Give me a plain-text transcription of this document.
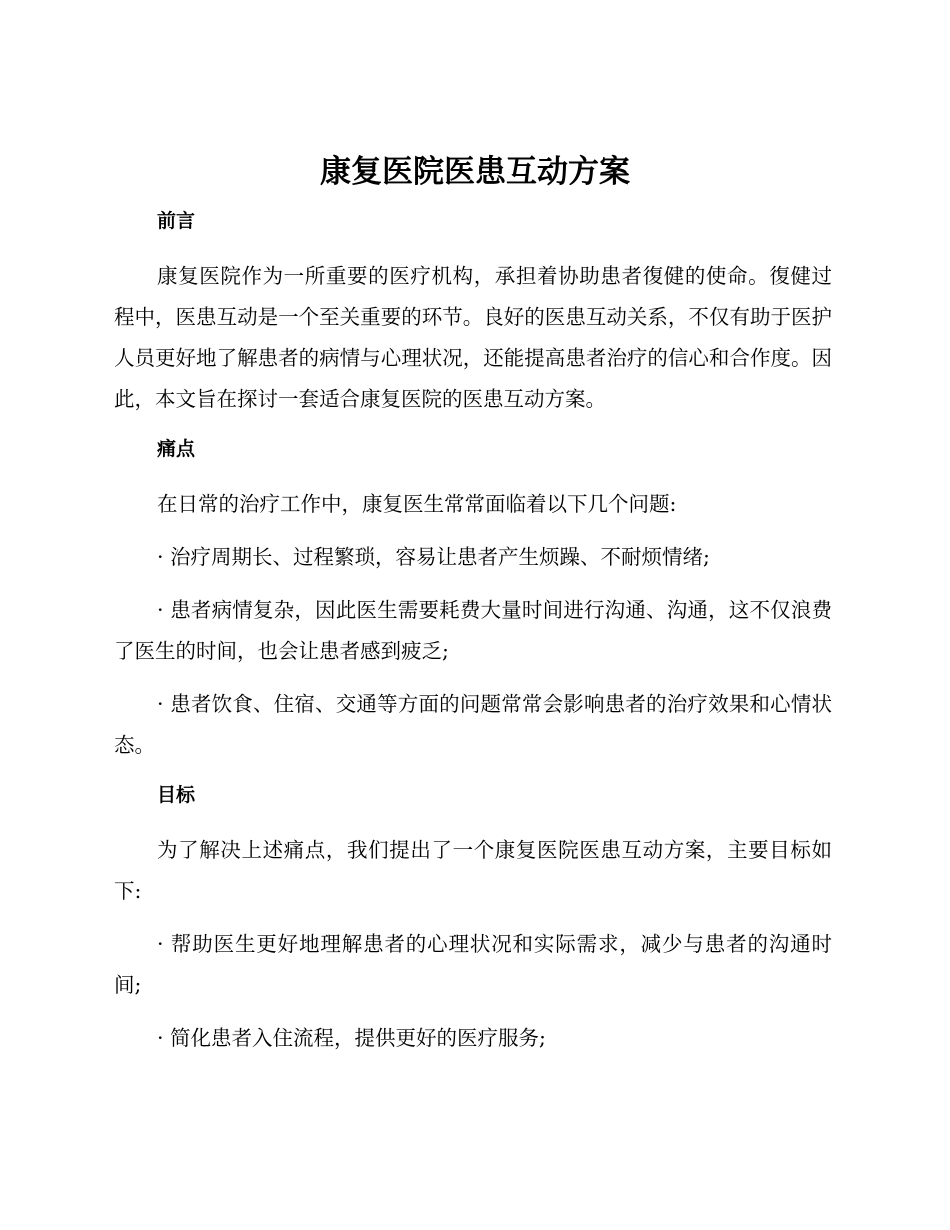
康复医院医患互动方案
前言

康复医院作为一所重要的医疗机构，承担着协助患者復健的使命。復健过程中，医患互动是一个至关重要的环节。良好的医患互动关系，不仅有助于医护人员更好地了解患者的病情与心理状况，还能提高患者治疗的信心和合作度。因此，本文旨在探讨一套适合康复医院的医患互动方案。

痛点

在日常的治疗工作中，康复医生常常面临着以下几个问题:

· 治疗周期长、过程繁琐，容易让患者产生烦躁、不耐烦情绪;

· 患者病情复杂，因此医生需要耗费大量时间进行沟通、沟通，这不仅浪费了医生的时间，也会让患者感到疲乏;

· 患者饮食、住宿、交通等方面的问题常常会影响患者的治疗效果和心情状态。

目标

为了解决上述痛点，我们提出了一个康复医院医患互动方案，主要目标如下:

· 帮助医生更好地理解患者的心理状况和实际需求，减少与患者的沟通时间;

· 简化患者入住流程，提供更好的医疗服务;
